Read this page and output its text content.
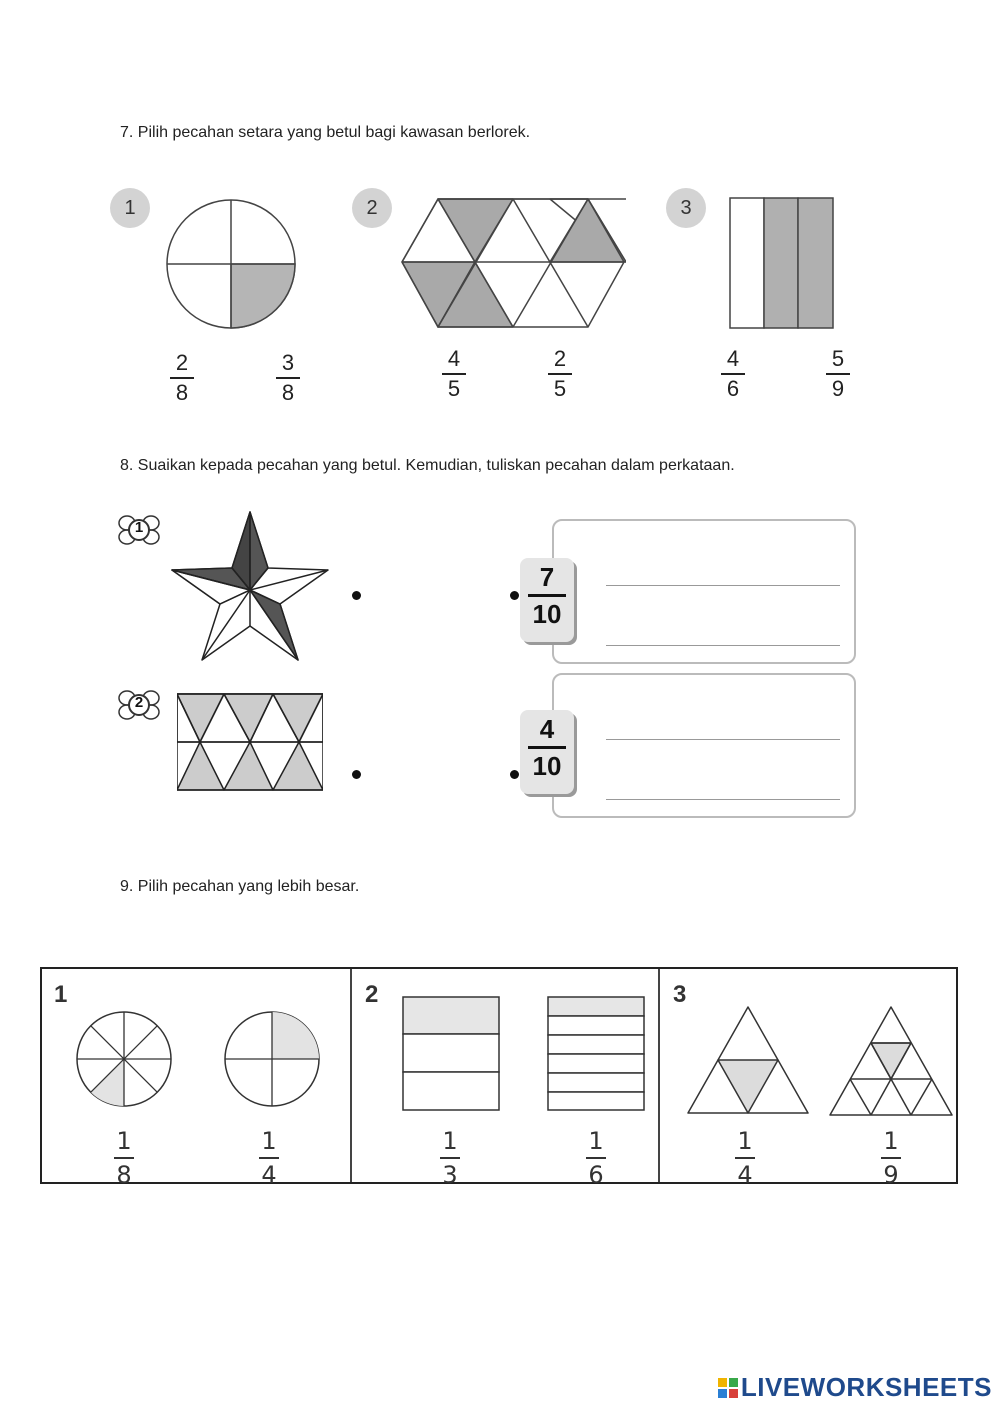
7. Pilih pecahan setara yang betul bagi kawasan berlorek.
1
2
8
3
8
2
4
5
2
5
3
4
6
5
9
8. Suaikan kepada pecahan yang betul. Kemudian, tuliskan pecahan dalam perkataan.
1
7
10
2
4
10
9. Pilih pecahan yang lebih besar.
1	2	3
1
8
1
4
1
3
1
6
1
4
1
9
LIVEWORKSHEETS
